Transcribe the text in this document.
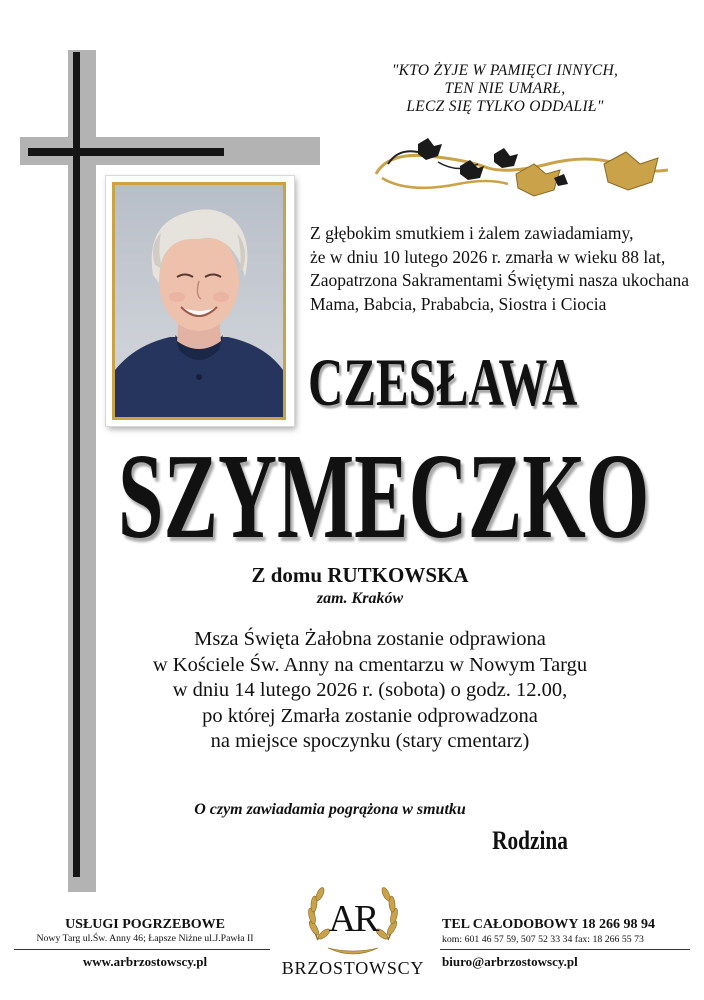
"KTO ŻYJE W PAMIĘCI INNYCH,
TEN NIE UMARŁ,
LECZ SIĘ TYLKO ODDALIŁ"
Z głębokim smutkiem i żalem zawiadamiamy,
że w dniu 10 lutego 2026 r. zmarła w wieku 88 lat,
Zaopatrzona Sakramentami Świętymi nasza ukochana
Mama, Babcia, Prababcia, Siostra i Ciocia
CZESŁAWA
SZYMECZKO
Z domu RUTKOWSKA
zam. Kraków
Msza Święta Żałobna zostanie odprawiona
w Kościele Św. Anny na cmentarzu w Nowym Targu
w dniu 14 lutego 2026 r. (sobota) o godz. 12.00,
po której Zmarła zostanie odprowadzona
na miejsce spoczynku (stary cmentarz)
O czym zawiadamia pogrążona w smutku
Rodzina
USŁUGI POGRZEBOWE
Nowy Targ ul.Św. Anny 46; Łapsze Niżne ul.J.Pawła II
www.arbrzostowscy.pl
AR
BRZOSTOWSCY
TEL CAŁODOBOWY 18 266 98 94
kom: 601 46 57 59, 507 52 33 34 fax: 18 266 55 73
biuro@arbrzostowscy.pl
